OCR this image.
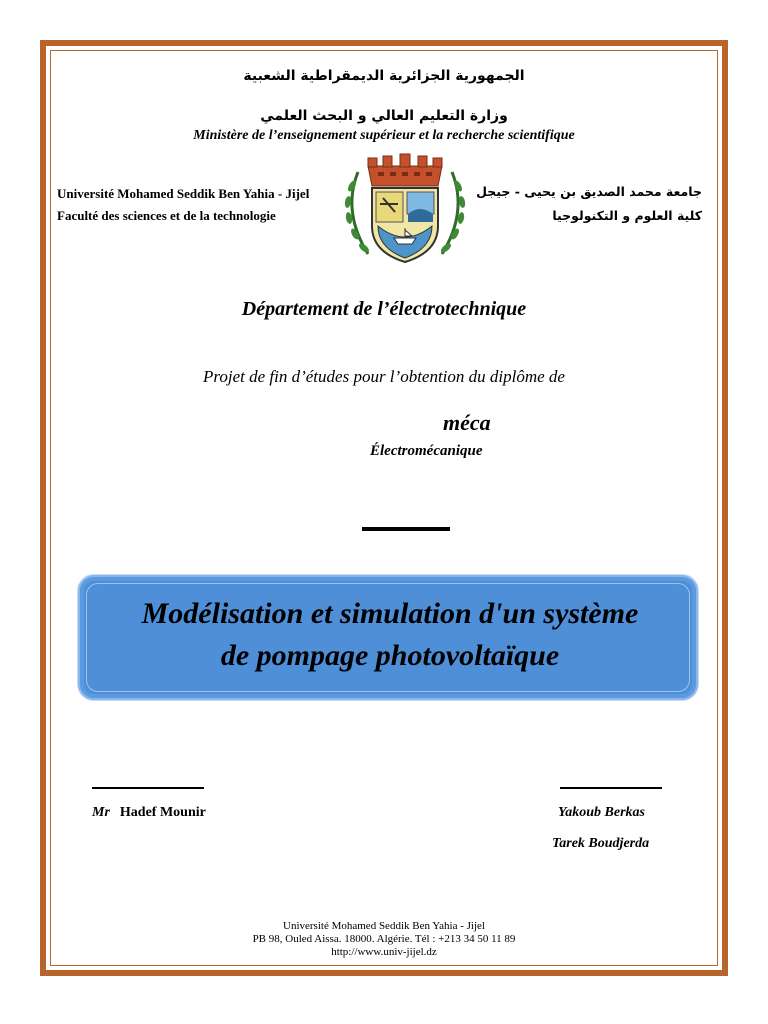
الجمهورية الجزائرية الديمقراطية الشعبية
وزارة التعليم العالي و البحث العلمي
Ministère de l’enseignement supérieur et la recherche scientifique
Université Mohamed Seddik Ben Yahia - Jijel
Faculté des sciences et de la technologie
جامعة محمد الصديق بن يحيى - جيجل
كلية العلوم و التكنولوجيا
Département de l’électrotechnique
Projet de fin d’études pour l’obtention du diplôme de
méca
Électromécanique
Modélisation et simulation d'un système
de pompage photovoltaïque
Mr Hadef Mounir	Yakoub Berkas
Tarek Boudjerda
Université Mohamed Seddik Ben Yahia - Jijel
PB 98, Ouled Aissa. 18000. Algérie. Tél : +213 34 50 11 89
http://www.univ-jijel.dz
